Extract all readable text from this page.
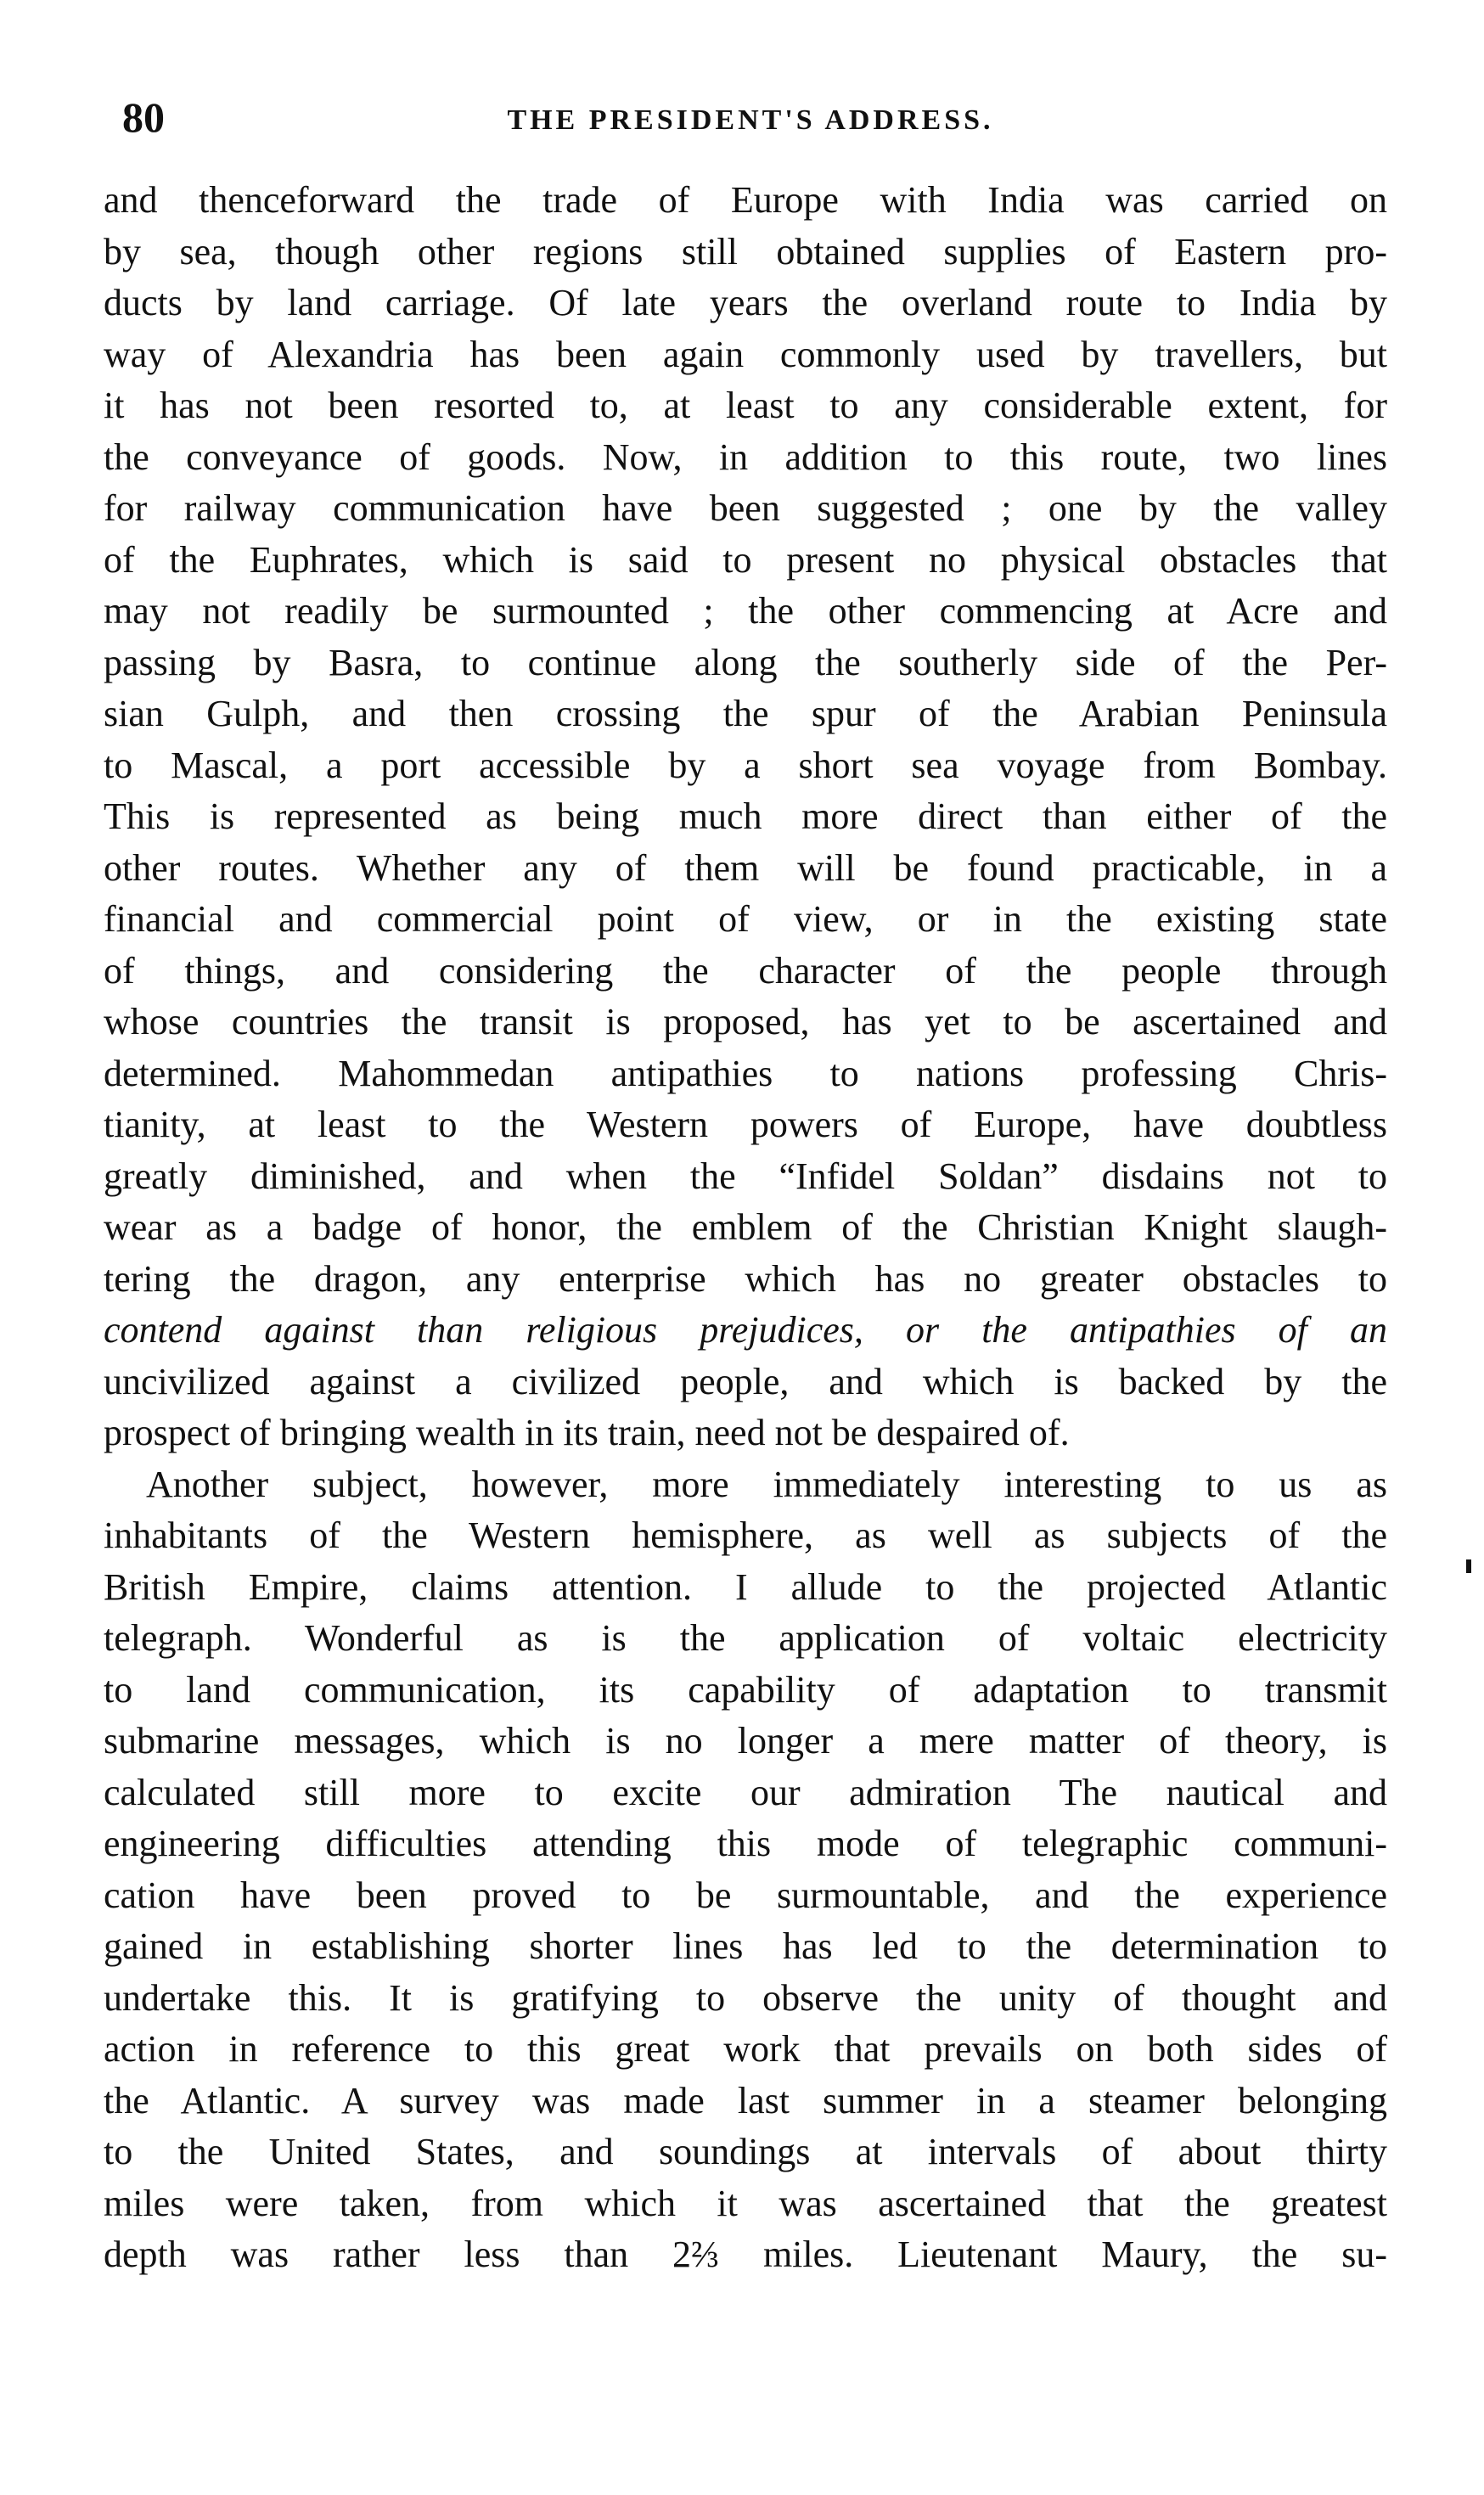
80	THE PRESIDENT'S ADDRESS.
and thenceforward the trade of Europe with India was carried on
by sea, though other regions still obtained supplies of Eastern pro-
ducts by land carriage. Of late years the overland route to India by
way of Alexandria has been again commonly used by travellers, but
it has not been resorted to, at least to any considerable extent, for
the conveyance of goods. Now, in addition to this route, two lines
for railway communication have been suggested ; one by the valley
of the Euphrates, which is said to present no physical obstacles that
may not readily be surmounted ; the other commencing at Acre and
passing by Basra, to continue along the southerly side of the Per-
sian Gulph, and then crossing the spur of the Arabian Peninsula
to Mascal, a port accessible by a short sea voyage from Bombay.
This is represented as being much more direct than either of the
other routes. Whether any of them will be found practicable, in a
financial and commercial point of view, or in the existing state
of things, and considering the character of the people through
whose countries the transit is proposed, has yet to be ascertained and
determined. Mahommedan antipathies to nations professing Chris-
tianity, at least to the Western powers of Europe, have doubtless
greatly diminished, and when the “Infidel Soldan” disdains not to
wear as a badge of honor, the emblem of the Christian Knight slaugh-
tering the dragon, any enterprise which has no greater obstacles to
contend against than religious prejudices, or the antipathies of an
uncivilized against a civilized people, and which is backed by the
prospect of bringing wealth in its train, need not be despaired of.
Another subject, however, more immediately interesting to us as
inhabitants of the Western hemisphere, as well as subjects of the
British Empire, claims attention. I allude to the projected Atlantic
telegraph. Wonderful as is the application of voltaic electricity
to land communication, its capability of adaptation to transmit
submarine messages, which is no longer a mere matter of theory, is
calculated still more to excite our admiration The nautical and
engineering difficulties attending this mode of telegraphic communi-
cation have been proved to be surmountable, and the experience
gained in establishing shorter lines has led to the determination to
undertake this. It is gratifying to observe the unity of thought and
action in reference to this great work that prevails on both sides of
the Atlantic. A survey was made last summer in a steamer belonging
to the United States, and soundings at intervals of about thirty
miles were taken, from which it was ascertained that the greatest
depth was rather less than 2⅔ miles. Lieutenant Maury, the su-
